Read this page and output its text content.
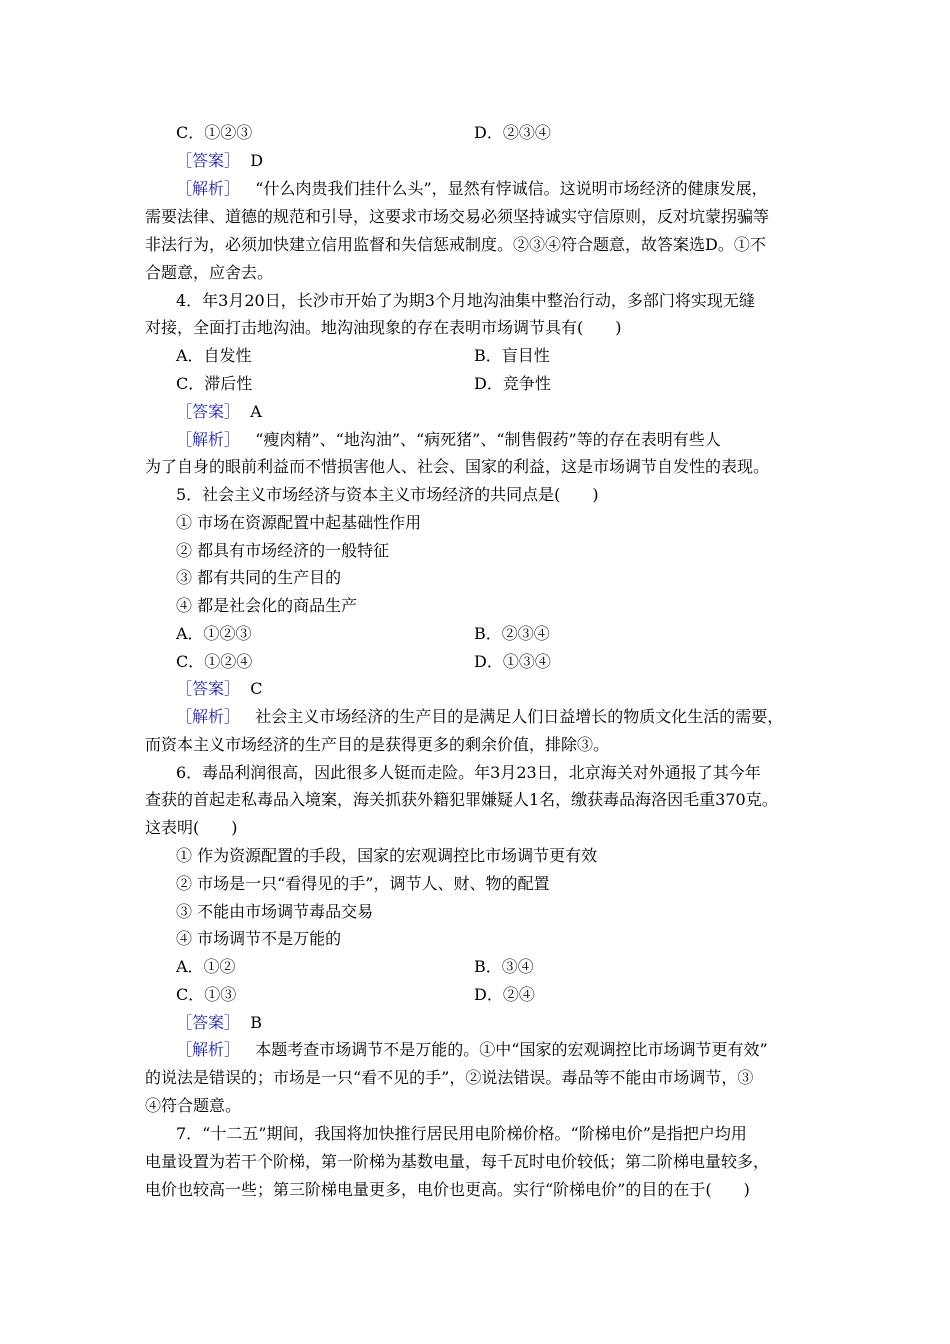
C．①②③	D．②③④
［答案］ D
［解析］ “什么肉贵我们挂什么头”，显然有悖诚信。这说明市场经济的健康发展，
需要法律、道德的规范和引导，这要求市场交易必须坚持诚实守信原则，反对坑蒙拐骗等
非法行为，必须加快建立信用监督和失信惩戒制度。②③④符合题意，故答案选D。①不
合题意，应舍去。
4．年3月20日，长沙市开始了为期3个月地沟油集中整治行动，多部门将实现无缝
对接，全面打击地沟油。地沟油现象的存在表明市场调节具有(　　)
A．自发性	B．盲目性
C．滞后性	D．竞争性
［答案］ A
［解析］ “瘦肉精”、“地沟油”、“病死猪”、“制售假药”等的存在表明有些人
为了自身的眼前利益而不惜损害他人、社会、国家的利益，这是市场调节自发性的表现。
5．社会主义市场经济与资本主义市场经济的共同点是(　　)
① 市场在资源配置中起基础性作用
② 都具有市场经济的一般特征
③ 都有共同的生产目的
④ 都是社会化的商品生产
A．①②③	B．②③④
C．①②④	D．①③④
［答案］ C
［解析］ 社会主义市场经济的生产目的是满足人们日益增长的物质文化生活的需要，
而资本主义市场经济的生产目的是获得更多的剩余价值，排除③。
6．毒品利润很高，因此很多人铤而走险。年3月23日，北京海关对外通报了其今年
查获的首起走私毒品入境案，海关抓获外籍犯罪嫌疑人1名，缴获毒品海洛因毛重370克。
这表明(　　)
① 作为资源配置的手段，国家的宏观调控比市场调节更有效
② 市场是一只“看得见的手”，调节人、财、物的配置
③ 不能由市场调节毒品交易
④ 市场调节不是万能的
A．①②	B．③④
C．①③	D．②④
［答案］ B
［解析］ 本题考查市场调节不是万能的。①中“国家的宏观调控比市场调节更有效”
的说法是错误的；市场是一只“看不见的手”，②说法错误。毒品等不能由市场调节，③
④符合题意。
7．“十二五”期间，我国将加快推行居民用电阶梯价格。“阶梯电价”是指把户均用
电量设置为若干个阶梯，第一阶梯为基数电量，每千瓦时电价较低；第二阶梯电量较多，
电价也较高一些；第三阶梯电量更多，电价也更高。实行“阶梯电价”的目的在于(　　)
